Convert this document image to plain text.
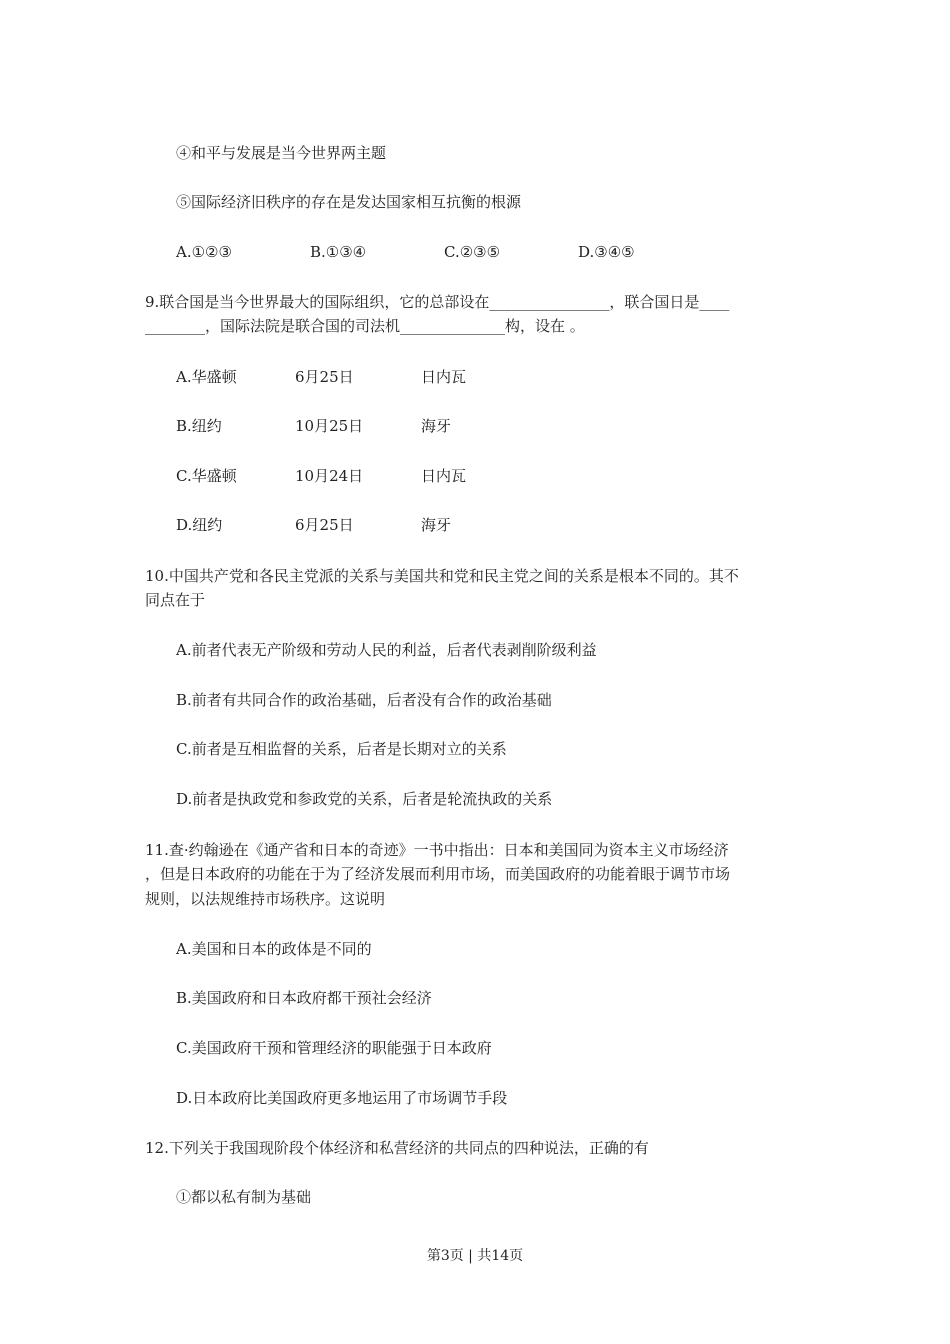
④和平与发展是当今世界两主题
⑤国际经济旧秩序的存在是发达国家相互抗衡的根源
A.①②③	B.①③④	C.②③⑤	D.③④⑤
9.联合国是当今世界最大的国际组织，它的总部设在________________，联合国日是____
________，国际法院是联合国的司法机______________构，设在 。
A.华盛顿	6月25日	日内瓦
B.纽约	10月25日	海牙
C.华盛顿	10月24日	日内瓦
D.纽约	6月25日	海牙
10.中国共产党和各民主党派的关系与美国共和党和民主党之间的关系是根本不同的。其不
同点在于
A.前者代表无产阶级和劳动人民的利益，后者代表剥削阶级利益
B.前者有共同合作的政治基础，后者没有合作的政治基础
C.前者是互相监督的关系，后者是长期对立的关系
D.前者是执政党和参政党的关系，后者是轮流执政的关系
11.查·约翰逊在《通产省和日本的奇迹》一书中指出：日本和美国同为资本主义市场经济
，但是日本政府的功能在于为了经济发展而利用市场，而美国政府的功能着眼于调节市场
规则，以法规维持市场秩序。这说明
A.美国和日本的政体是不同的
B.美国政府和日本政府都干预社会经济
C.美国政府干预和管理经济的职能强于日本政府
D.日本政府比美国政府更多地运用了市场调节手段
12.下列关于我国现阶段个体经济和私营经济的共同点的四种说法，正确的有
①都以私有制为基础
第3页 | 共14页
